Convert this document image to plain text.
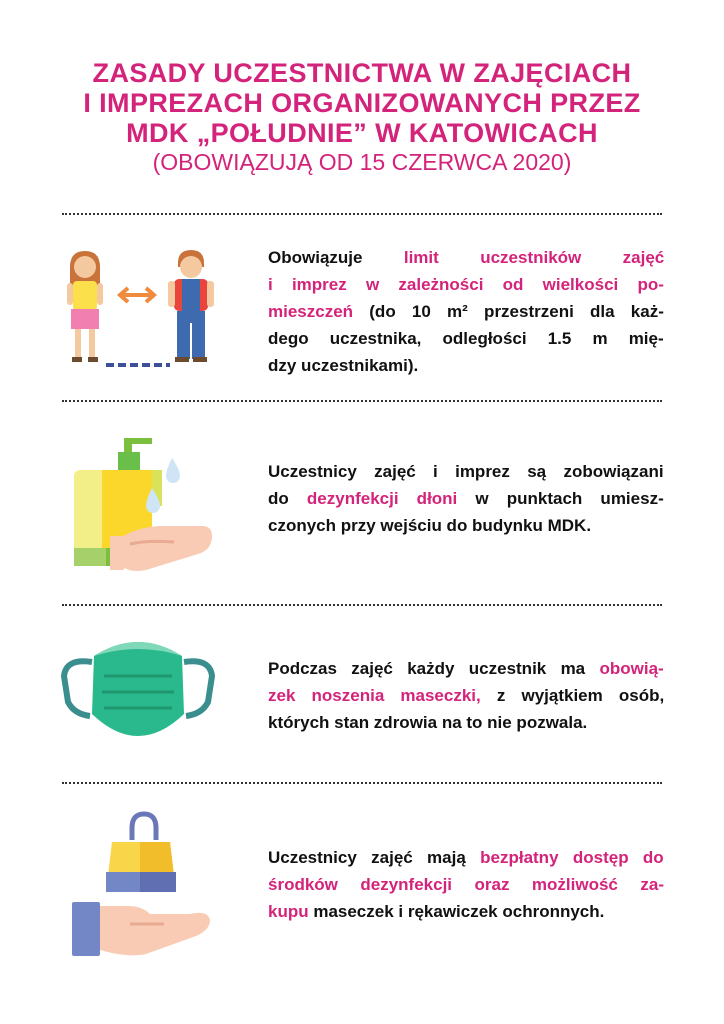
ZASADY UCZESTNICTWA W ZAJĘCIACH
I IMPREZACH ORGANIZOWANYCH PRZEZ
MDK „POŁUDNIE” W KATOWICACH
(OBOWIĄZUJĄ OD 15 CZERWCA 2020)
Obowiązuje limit uczestników zajęć
i imprez w zależności od wielkości po-
mieszczeń (do 10 m² przestrzeni dla każ-
dego uczestnika, odległości 1.5 m mię-
dzy uczestnikami).
Uczestnicy zajęć i imprez są zobowiązani
do dezynfekcji dłoni w punktach umiesz-
czonych przy wejściu do budynku MDK.
Podczas zajęć każdy uczestnik ma obowią-
zek noszenia maseczki, z wyjątkiem osób,
których stan zdrowia na to nie pozwala.
Uczestnicy zajęć mają bezpłatny dostęp do
środków dezynfekcji oraz możliwość za-
kupu maseczek i rękawiczek ochronnych.
